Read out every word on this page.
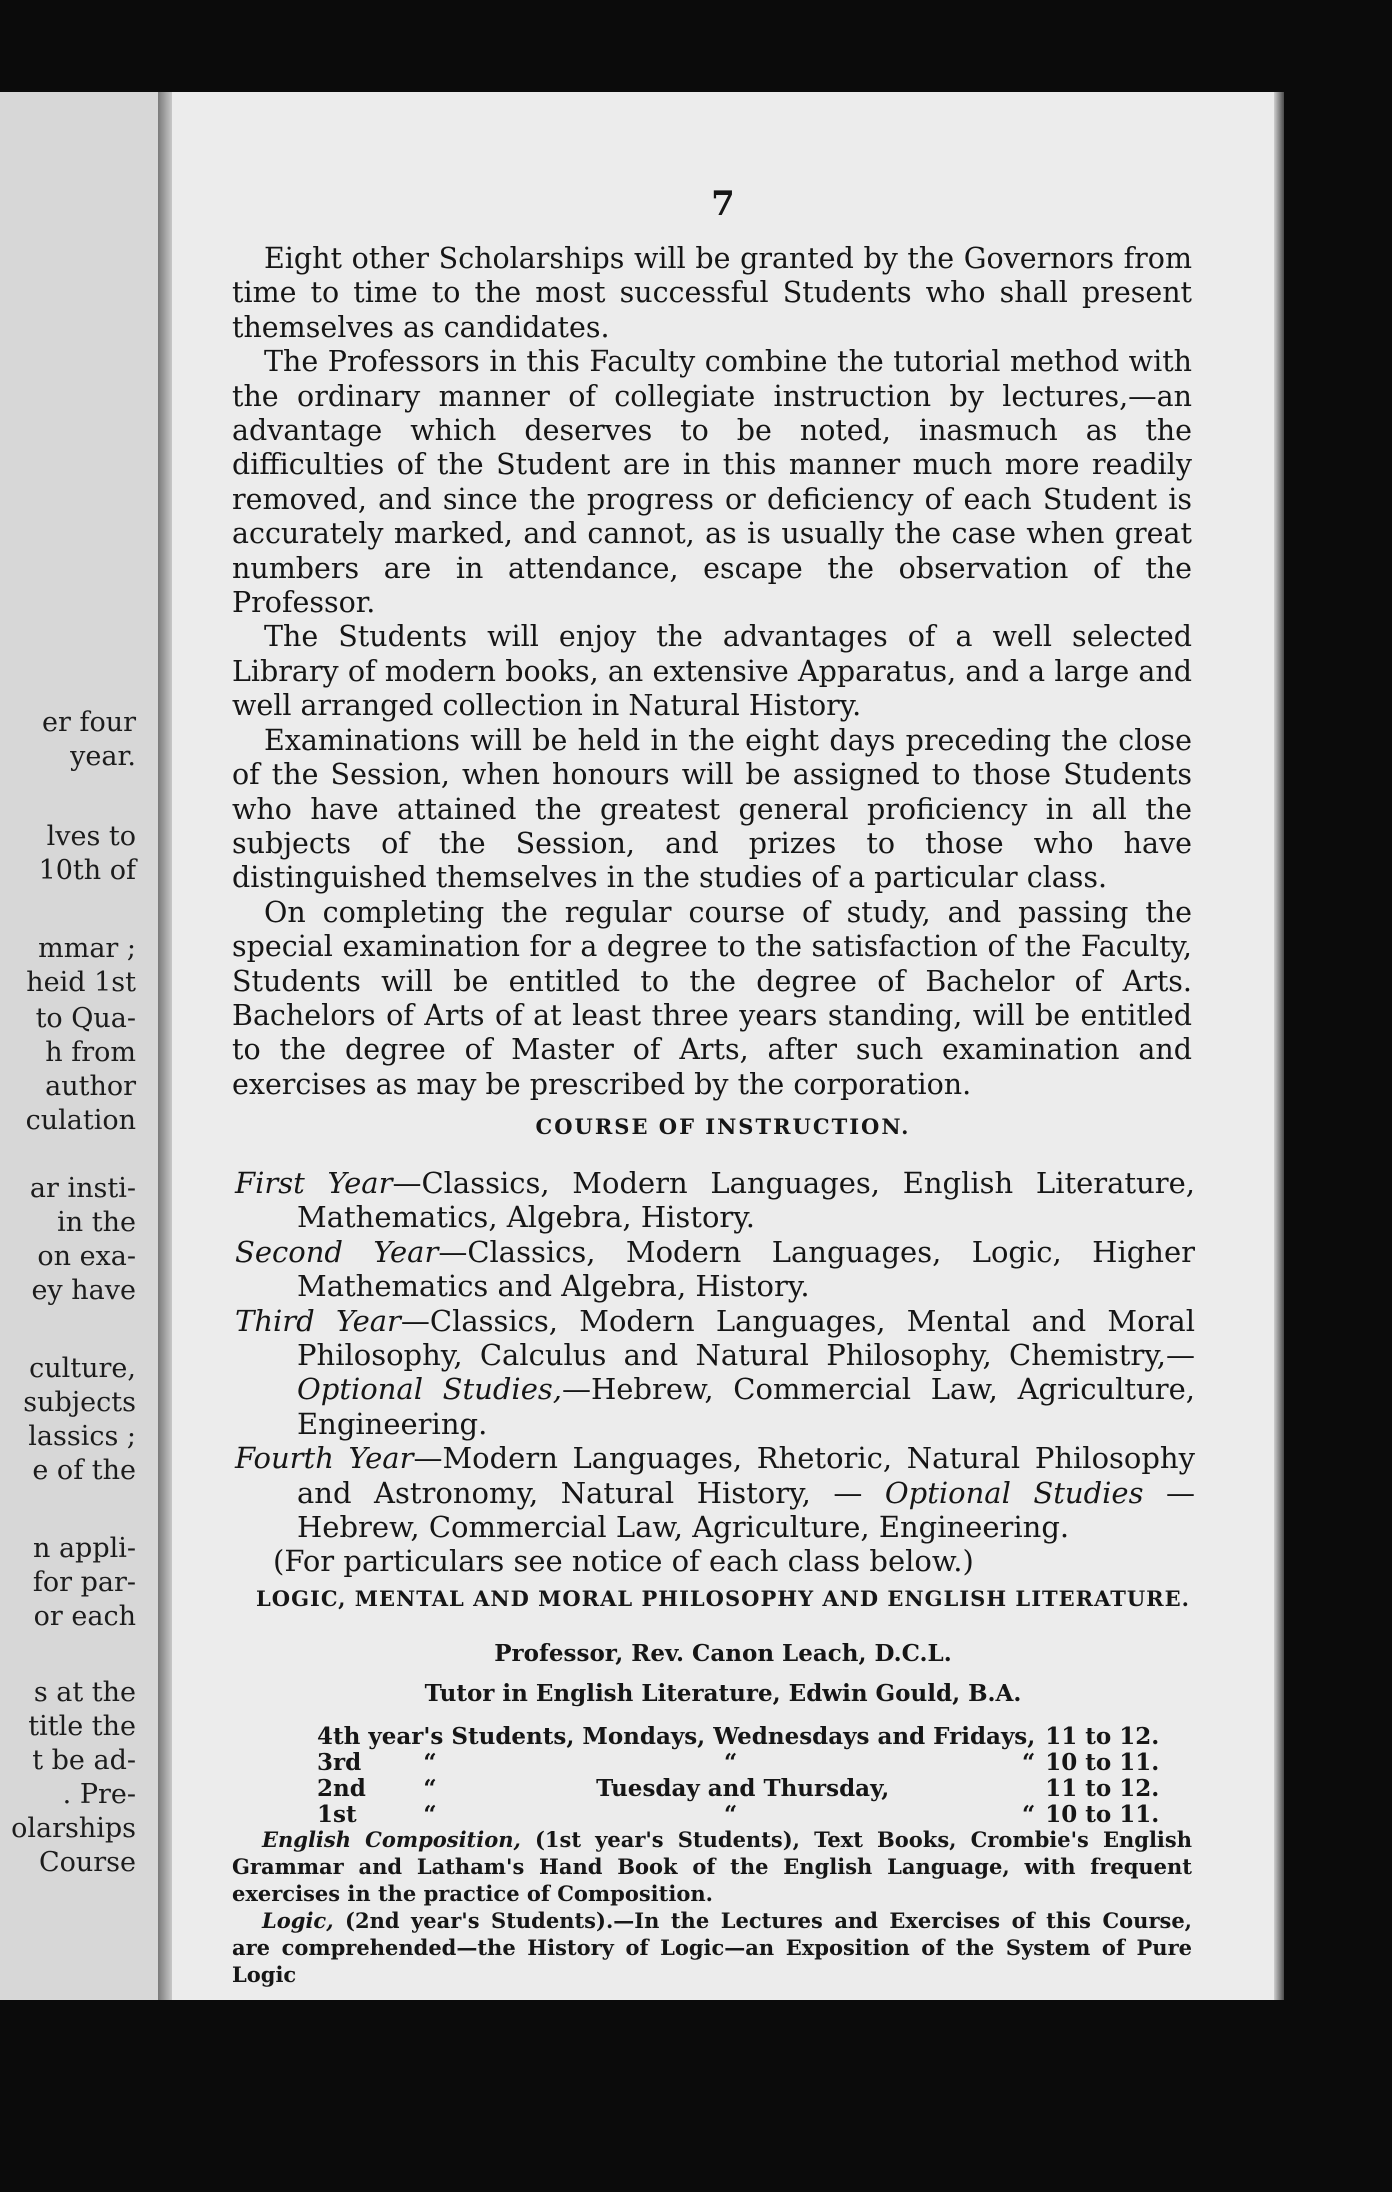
er four
year.
lves to
10th of
mmar ;
heid 1st
to Qua-
h from
author
culation
ar insti-
in the
on exa-
ey have
culture,
subjects
lassics ;
e of the
n appli-
for par-
or each
s at the
title the
t be ad-
. Pre-
olarships
Course
7

Eight other Scholarships will be granted by the Governors from time to time to the most successful Students who shall present themselves as candidates.

The Professors in this Faculty combine the tutorial method with the ordinary manner of collegiate instruction by lectures,—an advantage which deserves to be noted, inasmuch as the difficulties of the Student are in this manner much more readily removed, and since the progress or deficiency of each Student is accurately marked, and cannot, as is usually the case when great numbers are in attendance, escape the observation of the Professor.

The Students will enjoy the advantages of a well selected Library of modern books, an extensive Apparatus, and a large and well arranged collection in Natural History.

Examinations will be held in the eight days preceding the close of the Session, when honours will be assigned to those Students who have attained the greatest general proficiency in all the subjects of the Session, and prizes to those who have distinguished themselves in the studies of a particular class.

On completing the regular course of study, and passing the special examination for a degree to the satisfaction of the Faculty, Students will be entitled to the degree of Bachelor of Arts. Bachelors of Arts of at least three years standing, will be entitled to the degree of Master of Arts, after such examination and exercises as may be prescribed by the corporation.

COURSE OF INSTRUCTION.
First Year—Classics, Modern Languages, English Literature, Mathematics, Algebra, History.
Second Year—Classics, Modern Languages, Logic, Higher Mathematics and Algebra, History.
Third Year—Classics, Modern Languages, Mental and Moral Philosophy, Calculus and Natural Philosophy, Chemistry,—Optional Studies,—Hebrew, Commercial Law, Agriculture, Engineering.
Fourth Year—Modern Languages, Rhetoric, Natural Philosophy and Astronomy, Natural History, — Optional Studies —Hebrew, Commercial Law, Agriculture, Engineering.
(For particulars see notice of each class below.)
LOGIC, MENTAL AND MORAL PHILOSOPHY AND ENGLISH LITERATURE.
Professor, Rev. Canon Leach, D.C.L.
Tutor in English Literature, Edwin Gould, B.A.
4th year's Students, Mondays, Wednesdays and Fridays,				11 to 12.
3rd	“	“	“	10 to 11.
2nd	“	Tuesday and Thursday,		11 to 12.
1st	“	“	“	10 to 11.

English Composition, (1st year's Students), Text Books, Crombie's English Grammar and Latham's Hand Book of the English Language, with frequent exercises in the practice of Composition.

Logic, (2nd year's Students).—In the Lectures and Exercises of this Course, are comprehended—the History of Logic—an Exposition of the System of Pure Logic
